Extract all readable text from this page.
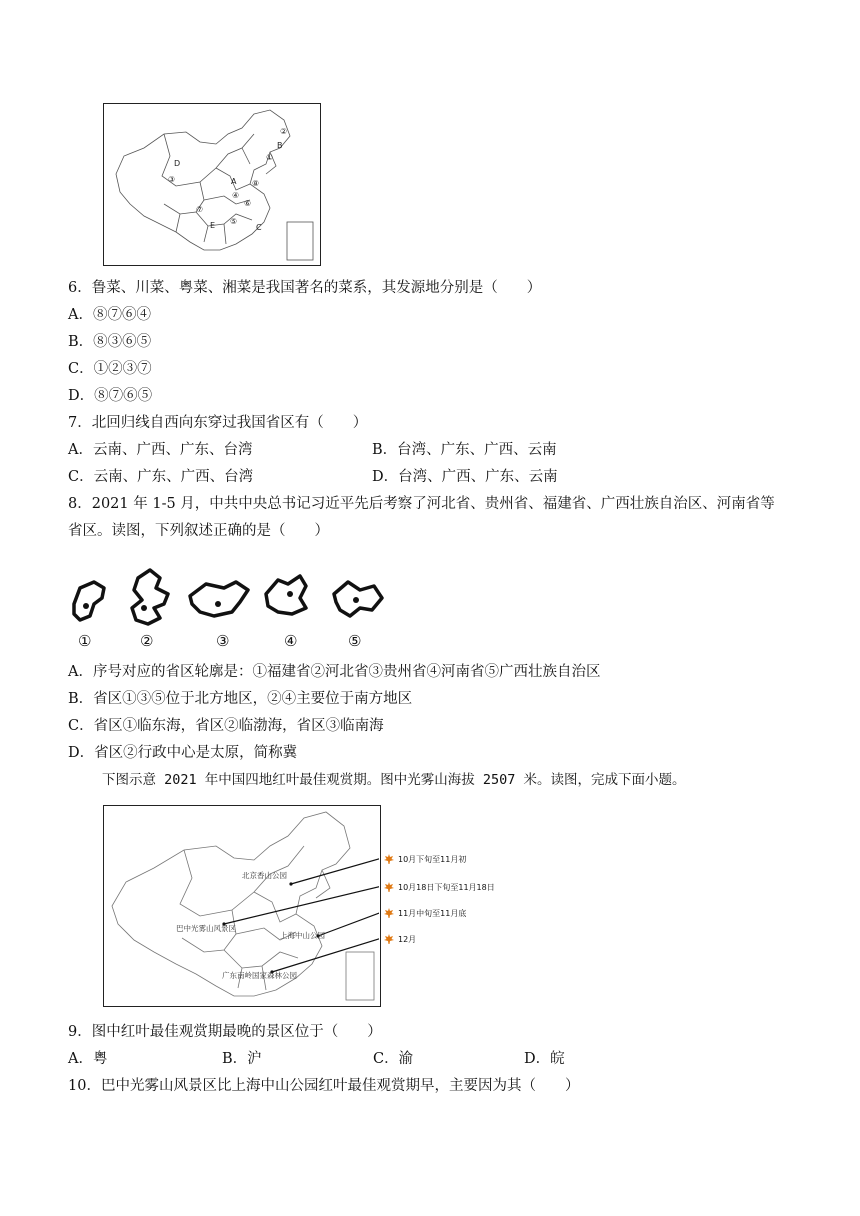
②
B
①
D
A ⑧
③
④
⑥
⑦
⑤
E	C
6．鲁菜、川菜、粤菜、湘菜是我国著名的菜系，其发源地分别是（　　）
A．⑧⑦⑥④
B．⑧③⑥⑤
C．①②③⑦
D．⑧⑦⑥⑤
7．北回归线自西向东穿过我国省区有（　　）
A．云南、广西、广东、台湾	B．台湾、广东、广西、云南
C．云南、广东、广西、台湾	D．台湾、广西、广东、云南
8．2021 年 1-5 月，中共中央总书记习近平先后考察了河北省、贵州省、福建省、广西壮族自治区、河南省等
省区。读图，下列叙述正确的是（　　）
①	②	③	④	⑤
A．序号对应的省区轮廓是：①福建省②河北省③贵州省④河南省⑤广西壮族自治区
B．省区①③⑤位于北方地区，②④主要位于南方地区
C．省区①临东海，省区②临渤海，省区③临南海
D．省区②行政中心是太原，简称冀
下图示意 2021 年中国四地红叶最佳观赏期。图中光雾山海拔 2507 米。读图，完成下面小题。
北京香山公园
巴中光雾山风景区
上海中山公园
广东南岭国家森林公园
10月下旬至11月初
10月18日下旬至11月18日
11月中旬至11月底
12月
9．图中红叶最佳观赏期最晚的景区位于（　　）
A．粤	B．沪	C．渝	D．皖
10．巴中光雾山风景区比上海中山公园红叶最佳观赏期早，主要因为其（　　）
